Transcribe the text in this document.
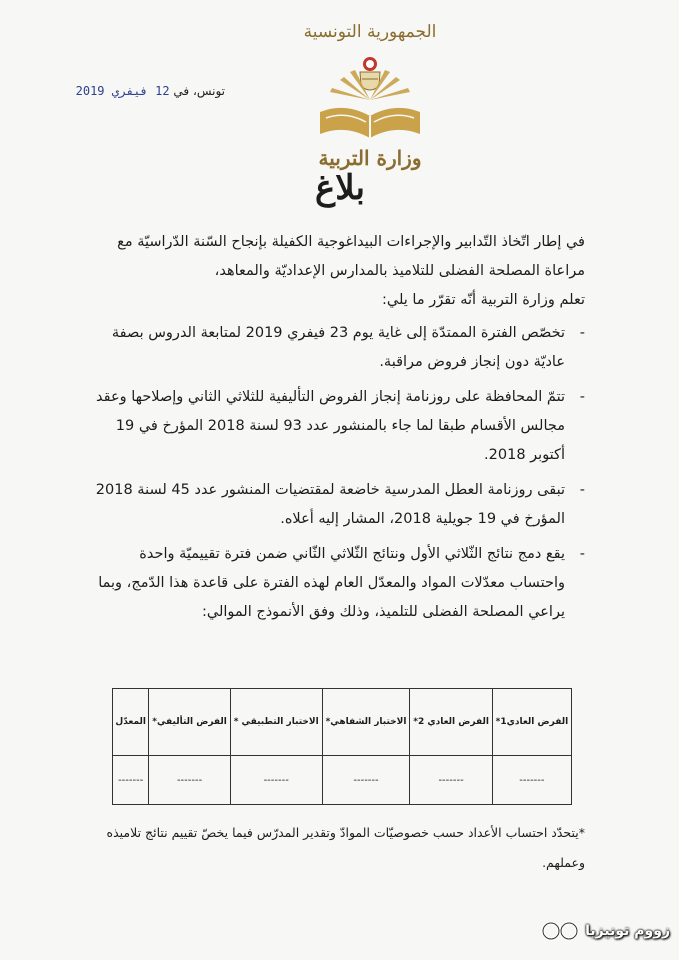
الجمهورية التونسية
وزارة التربية
تونس، في 12 فيفري 2019
بلاغ

في إطار اتّخاذ التّدابير والإجراءات البيداغوجية الكفيلة بإنجاح السّنة الدّراسيّة مع مراعاة المصلحة الفضلى للتلاميذ بالمدارس الإعداديّة والمعاهد،

تعلم وزارة التربية أنّه تقرّر ما يلي:

-
تخصّص الفترة الممتدّة إلى غاية يوم 23 فيفري 2019 لمتابعة الدروس بصفة عاديّة دون إنجاز فروض مراقبة.
-
تتمّ المحافظة على روزنامة إنجاز الفروض التأليفية للثلاثي الثاني وإصلاحها وعقد مجالس الأقسام طبقا لما جاء بالمنشور عدد 93 لسنة 2018 المؤرخ في 19 أكتوبر 2018.
-
تبقى روزنامة العطل المدرسية خاضعة لمقتضيات المنشور عدد 45 لسنة 2018 المؤرخ في 19 جويلية 2018، المشار إليه أعلاه.
-
يقع دمج نتائج الثّلاثي الأول ونتائج الثّلاثي الثّاني ضمن فترة تقييميّة واحدة واحتساب معدّلات المواد والمعدّل العام لهذه الفترة على قاعدة هذا الدّمج، وبما يراعي المصلحة الفضلى للتلميذ، وذلك وفق الأنموذج الموالي:
الفرض العادي1*	الفرض العادي 2*	الاختبار الشفاهي*	الاختبار التطبيقي *	الفرض التأليفي*	المعدّل
-------	-------	-------	-------	-------	-------
*يتحدّد احتساب الأعداد حسب خصوصيّات الموادّ وتقدير المدرّس فيما يخصّ تقييم نتائج تلاميذه وعملهم.
زووم تونيزيا
